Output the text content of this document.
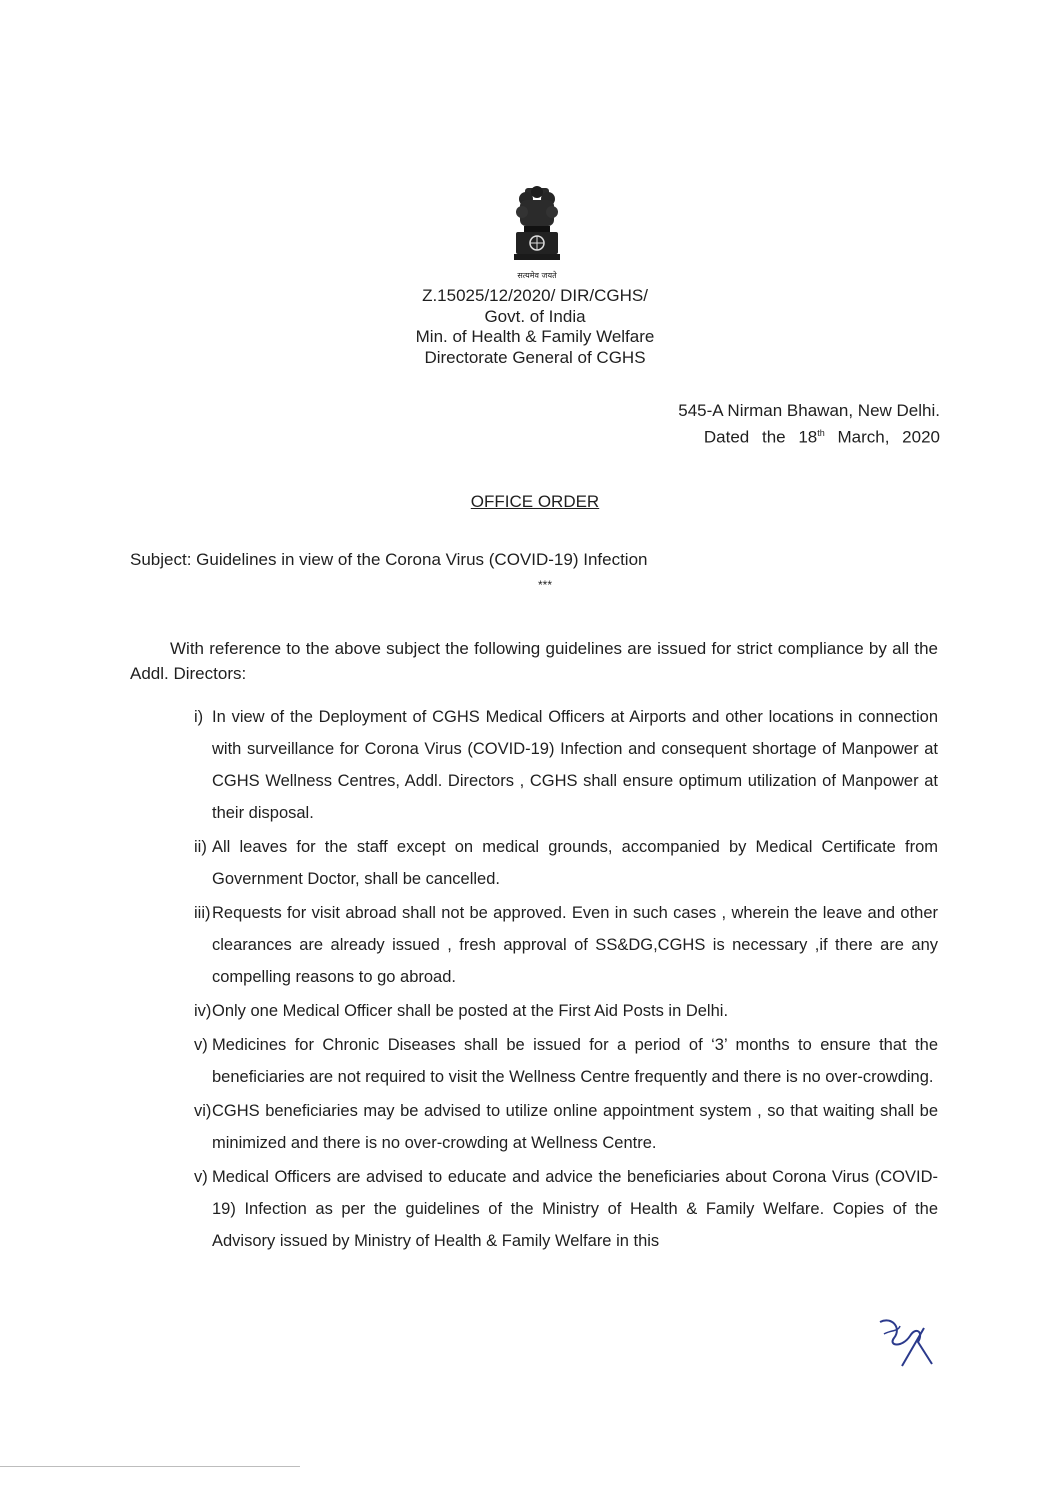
सत्यमेव जयते
Z.15025/12/2020/ DIR/CGHS/
Govt. of India
Min. of Health & Family Welfare
Directorate General of CGHS
545-A Nirman Bhawan, New Delhi.
Dated the 18th March, 2020
OFFICE ORDER
Subject: Guidelines in view of the Corona Virus (COVID-19) Infection
***
With reference to the above subject the following guidelines are issued for strict compliance by all the Addl. Directors:
i) In view of the Deployment of CGHS Medical Officers at Airports and other locations in connection with surveillance for Corona Virus (COVID-19) Infection and consequent shortage of Manpower at CGHS Wellness Centres, Addl. Directors , CGHS shall ensure optimum utilization of Manpower at their disposal.
ii) All leaves for the staff except on medical grounds, accompanied by Medical Certificate from Government Doctor, shall be cancelled.
iii) Requests for visit abroad shall not be approved. Even in such cases , wherein the leave and other clearances are already issued , fresh approval of SS&DG,CGHS is necessary ,if there are any compelling reasons to go abroad.
iv) Only one Medical Officer shall be posted at the First Aid Posts in Delhi.
v) Medicines for Chronic Diseases shall be issued for a period of ‘3’ months to ensure that the beneficiaries are not required to visit the Wellness Centre frequently and there is no over-crowding.
vi) CGHS beneficiaries may be advised to utilize online appointment system , so that waiting shall be minimized and there is no over-crowding at Wellness Centre.
v) Medical Officers are advised to educate and advice the beneficiaries about Corona Virus (COVID-19) Infection as per the guidelines of the Ministry of Health & Family Welfare. Copies of the Advisory issued by Ministry of Health & Family Welfare in this
